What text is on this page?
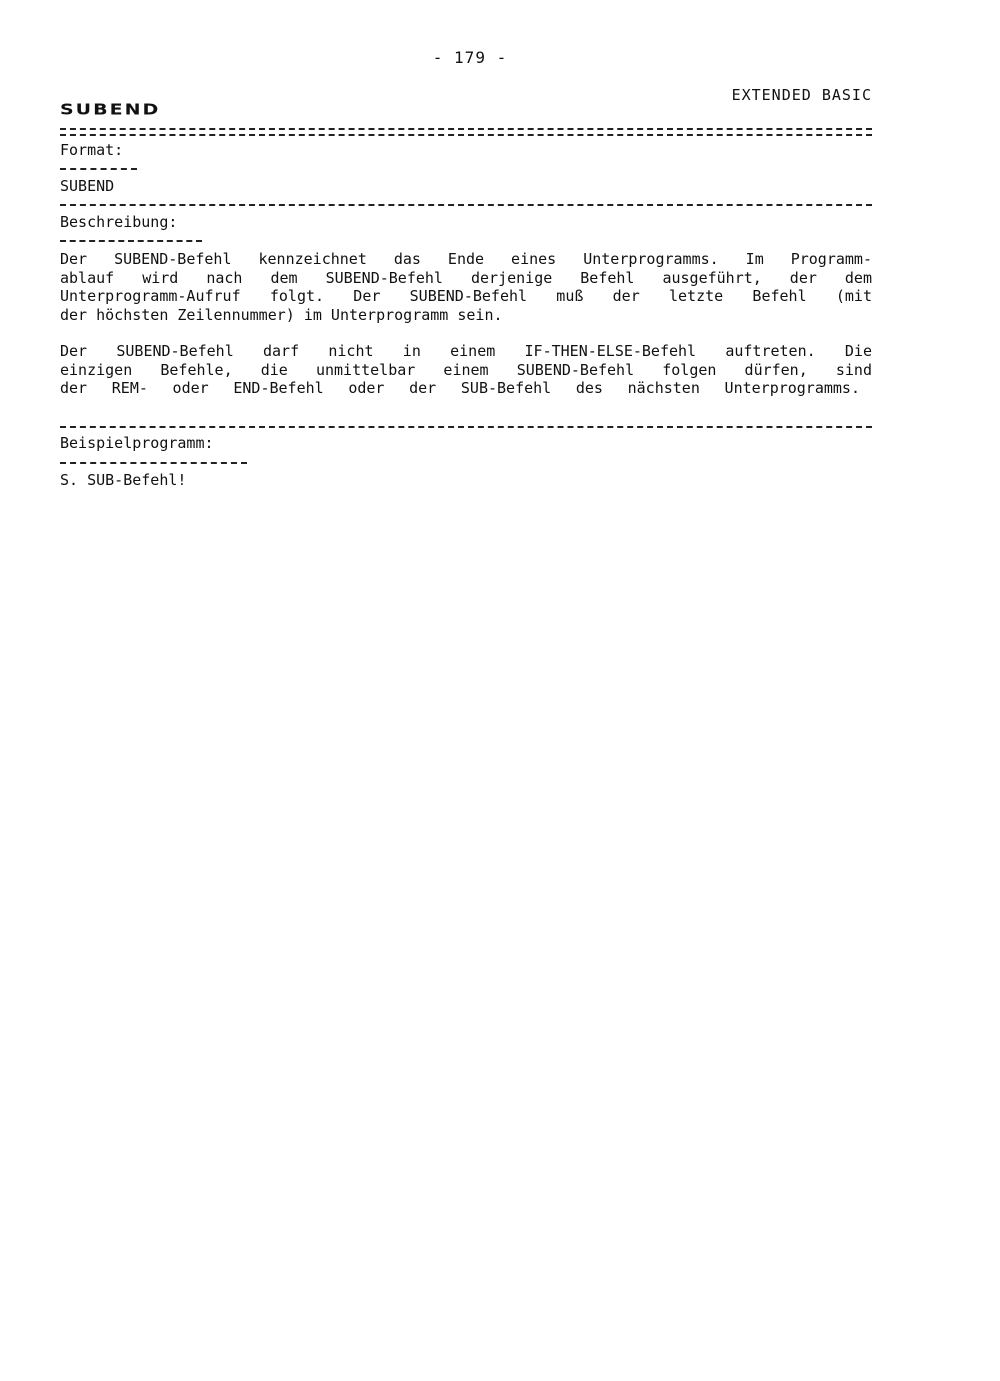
- 179 -
EXTENDED BASIC
SUBEND
Format:
SUBEND
Beschreibung:
Der SUBEND-Befehl kennzeichnet das Ende eines Unterprogramms. Im Programm-
ablauf wird nach dem SUBEND-Befehl derjenige Befehl ausgeführt, der dem
Unterprogramm-Aufruf folgt. Der SUBEND-Befehl muß der letzte Befehl (mit
der höchsten Zeilennummer) im Unterprogramm sein.
Der SUBEND-Befehl darf nicht in einem IF-THEN-ELSE-Befehl auftreten. Die
einzigen Befehle, die unmittelbar einem SUBEND-Befehl folgen dürfen, sind
der REM- oder END-Befehl oder der SUB-Befehl des nächsten Unterprogramms.
Beispielprogramm:
S. SUB-Befehl!
